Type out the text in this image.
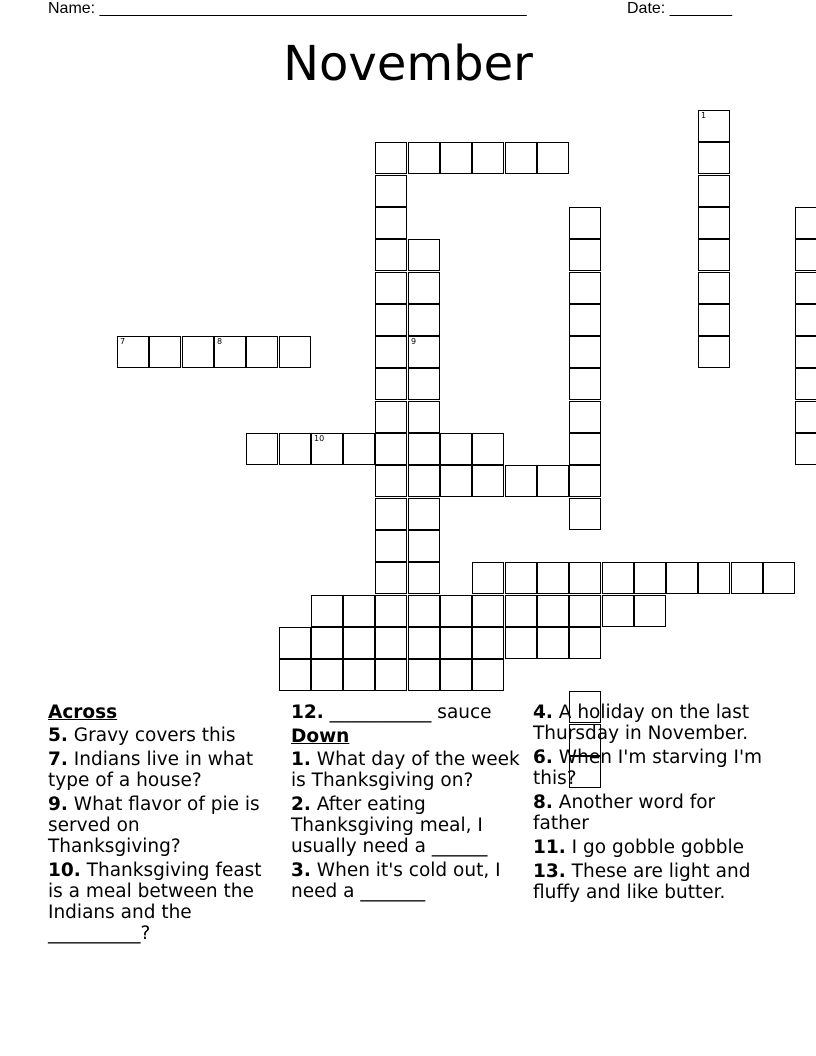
Name: ________________________________________________	Date: _______
November
9
7	8
10
1
Across
5. Gravy covers this
7. Indians live in what type of a house?
9. What flavor of pie is served on Thanksgiving?
10. Thanksgiving feast is a meal between the Indians and the __________?
12. ___________ sauce
Down
1. What day of the week is Thanksgiving on?
2. After eating Thanksgiving meal, I usually need a ______
3. When it's cold out, I need a _______
4. A holiday on the last Thursday in November.
6. When I'm starving I'm this?
8. Another word for father
11. I go gobble gobble
13. These are light and fluffy and like butter.
